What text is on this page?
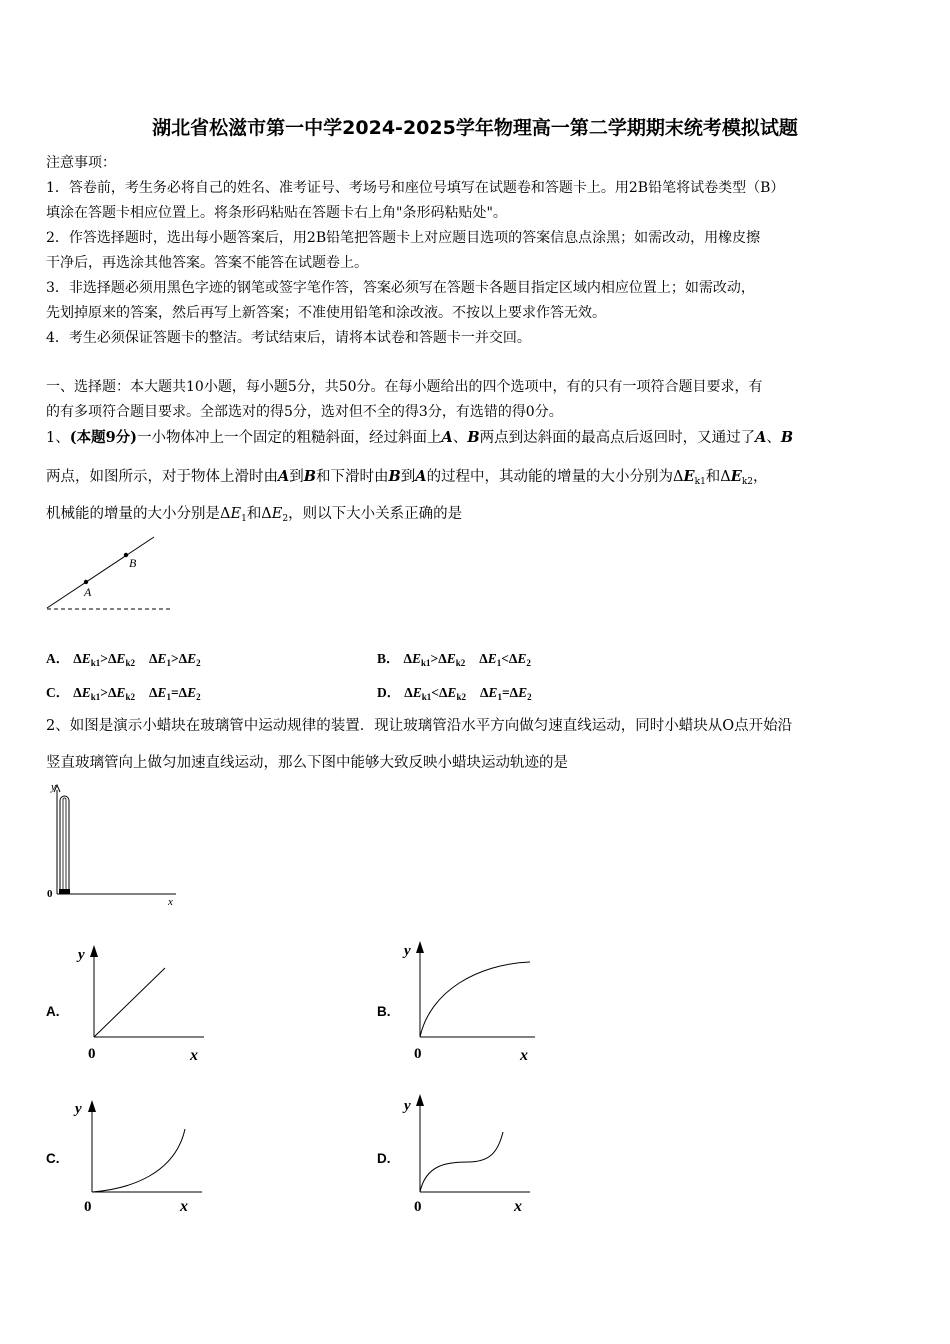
湖北省松滋市第一中学2024-2025学年物理高一第二学期期末统考模拟试题
注意事项：
1．答卷前，考生务必将自己的姓名、准考证号、考场号和座位号填写在试题卷和答题卡上。用2B铅笔将试卷类型（B）
填涂在答题卡相应位置上。将条形码粘贴在答题卡右上角"条形码粘贴处"。
2．作答选择题时，选出每小题答案后，用2B铅笔把答题卡上对应题目选项的答案信息点涂黑；如需改动，用橡皮擦
干净后，再选涂其他答案。答案不能答在试题卷上。
3．非选择题必须用黑色字迹的钢笔或签字笔作答，答案必须写在答题卡各题目指定区域内相应位置上；如需改动，
先划掉原来的答案，然后再写上新答案；不准使用铅笔和涂改液。不按以上要求作答无效。
4．考生必须保证答题卡的整洁。考试结束后，请将本试卷和答题卡一并交回。
一、选择题：本大题共10小题，每小题5分，共50分。在每小题给出的四个选项中，有的只有一项符合题目要求，有
的有多项符合题目要求。全部选对的得5分，选对但不全的得3分，有选错的得0分。
1、(本题9分)一小物体冲上一个固定的粗糙斜面，经过斜面上A、B两点到达斜面的最高点后返回时，又通过了A、B
两点，如图所示，对于物体上滑时由A到B和下滑时由B到A的过程中，其动能的增量的大小分别为$\Delta E_{k1}$和$\Delta E_{k2}$，
机械能的增量的大小分别是$\Delta E_1$和$\Delta E_2$，则以下大小关系正确的是
A
B
A． $\Delta E_{k1}>\Delta E_{k2}$ $\Delta E_1>\Delta E_2$	B． $\Delta E_{k1}>\Delta E_{k2}$ $\Delta E_1<\Delta E_2$
C． $\Delta E_{k1}>\Delta E_{k2}$ $\Delta E_1=\Delta E_2$	D． $\Delta E_{k1}<\Delta E_{k2}$ $\Delta E_1=\Delta E_2$
2、如图是演示小蜡块在玻璃管中运动规律的装置．现让玻璃管沿水平方向做匀速直线运动，同时小蜡块从O点开始沿
竖直玻璃管向上做匀加速直线运动，那么下图中能够大致反映小蜡块运动轨迹的是
y
x
0
A.
y
0	x
B.
y
0	x
C.
y
0	x
D.
y
0	x
